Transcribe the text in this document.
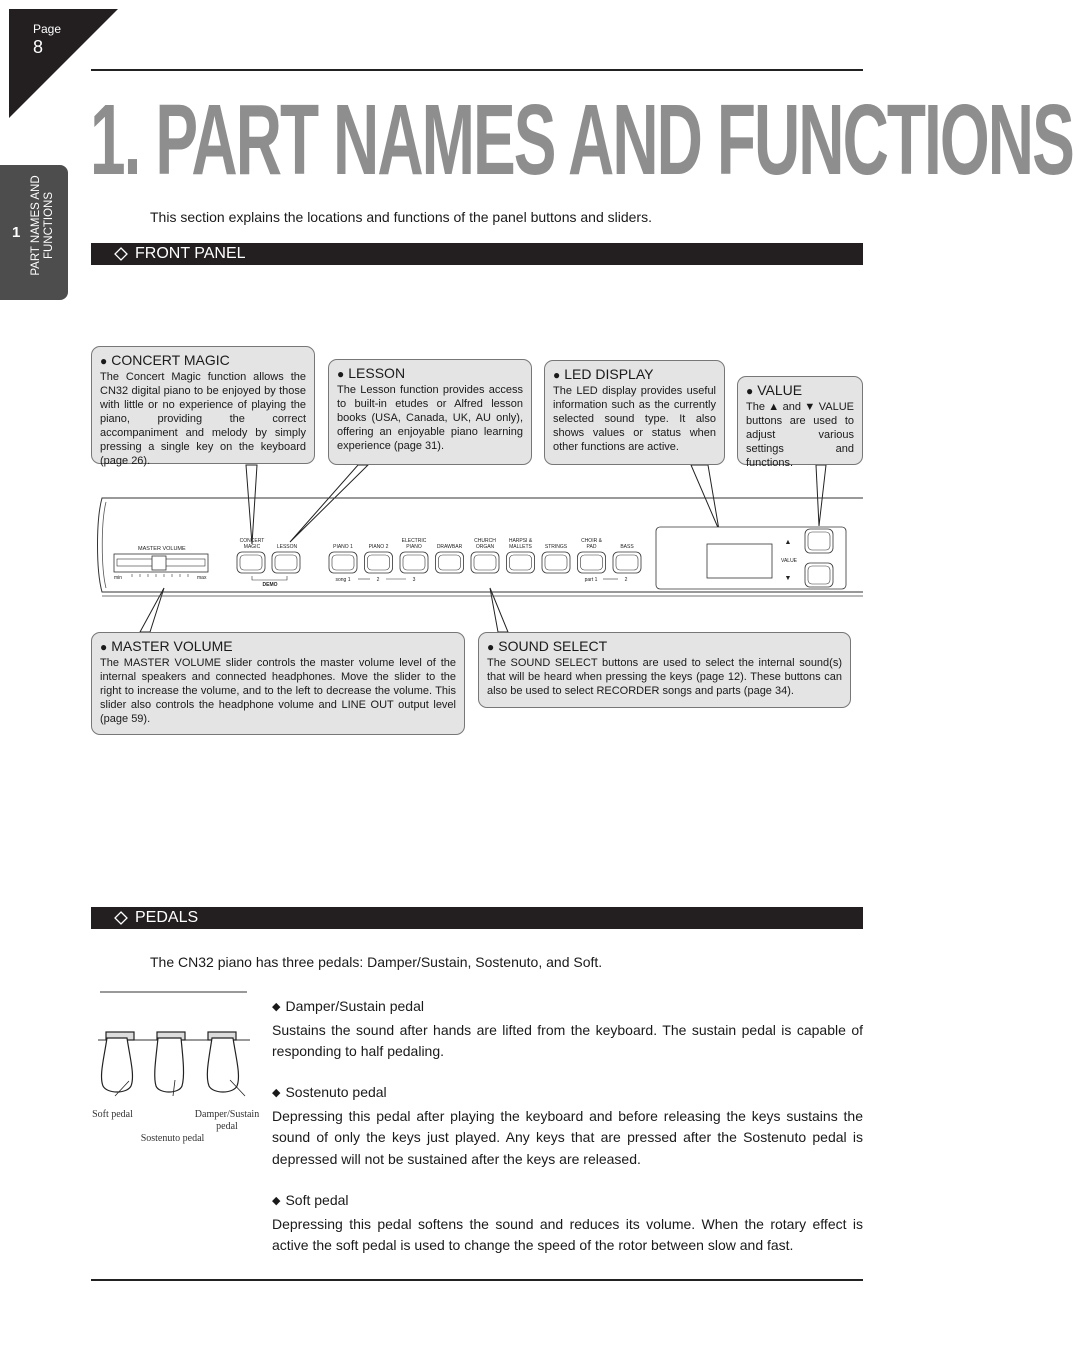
Page
8
1 PART NAMES AND FUNCTIONS
1. PART NAMES AND FUNCTIONS
This section explains the locations and functions of the panel buttons and sliders.
FRONT PANEL
MASTER VOLUME
min	max
CONCERT
MAGIC	LESSON
DEMO
PIANO 1	PIANO 2
ELECTRIC
PIANO	DRAWBAR
CHURCH
ORGAN
HARPSI &
MALLETS	STRINGS
CHOIR &
PAD	BASS
song 1	2	3	part 1	2
▲
VALUE
▼
● CONCERT MAGIC
The Concert Magic function allows the CN32 digital piano to be enjoyed by those with little or no experience of playing the piano, providing the correct accompaniment and melody by simply pressing a single key on the keyboard (page 26).
● LESSON
The Lesson function provides access to built-in etudes or Alfred lesson books (USA, Canada, UK, AU only), offering an enjoyable piano learning experience (page 31).
● LED DISPLAY
The LED display provides useful information such as the currently selected sound type. It also shows values or status when other functions are active.
● VALUE
The ▲ and ▼ VALUE buttons are used to adjust various settings and functions.
● MASTER VOLUME
The MASTER VOLUME slider controls the master volume level of the internal speakers and connected headphones. Move the slider to the right to increase the volume, and to the left to decrease the volume. This slider also controls the headphone volume and LINE OUT output level (page 59).
● SOUND SELECT
The SOUND SELECT buttons are used to select the internal sound(s) that will be heard when pressing the keys (page 12). These buttons can also be used to select RECORDER songs and parts (page 34).
PEDALS
The CN32 piano has three pedals: Damper/Sustain, Sostenuto, and Soft.
Soft pedal
Sostenuto pedal
Damper/Sustain pedal
◆ Damper/Sustain pedal
Sustains the sound after hands are lifted from the keyboard. The sustain pedal is capable of responding to half pedaling.
◆ Sostenuto pedal
Depressing this pedal after playing the keyboard and before releasing the keys sustains the sound of only the keys just played. Any keys that are pressed after the Sostenuto pedal is depressed will not be sustained after the keys are released.
◆ Soft pedal
Depressing this pedal softens the sound and reduces its volume. When the rotary effect is active the soft pedal is used to change the speed of the rotor between slow and fast.
